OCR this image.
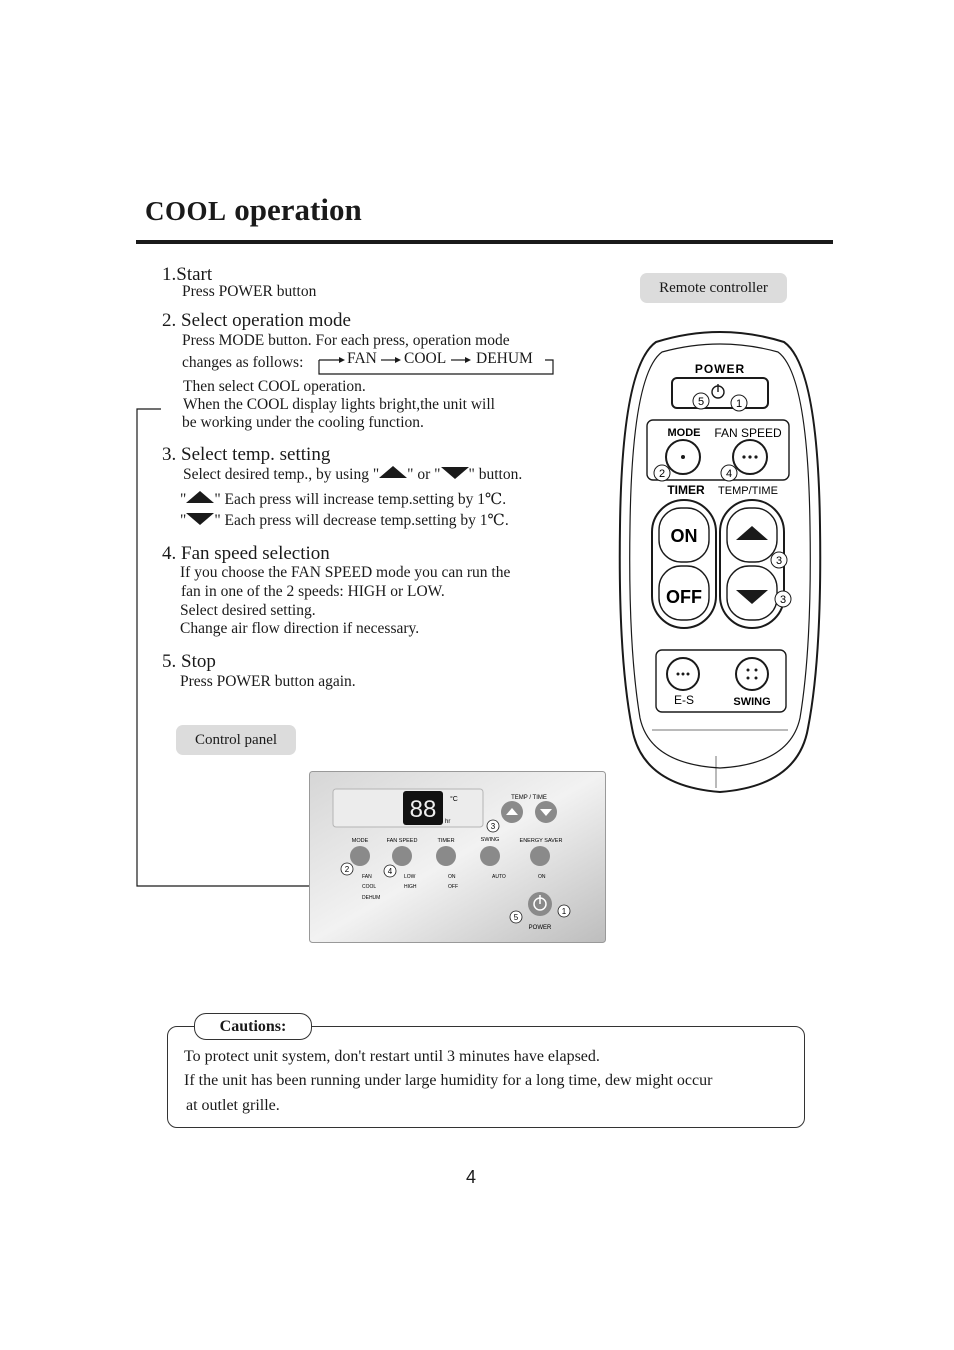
COOL operation
1.Start
Press POWER button
2. Select operation mode
Press MODE button. For each press, operation mode
changes as follows:	FAN COOL DEHUM
Then select COOL operation.
When the COOL display lights bright,the unit will
be working under the cooling function.
3. Select temp. setting
Select desired temp., by using " " or " " button.
" " Each press will increase temp.setting by 1℃.
" " Each press will decrease temp.setting by 1℃.
4. Fan speed selection
If you choose the FAN SPEED mode you can run the
fan in one of the 2 speeds: HIGH or LOW.
Select desired setting.
Change air flow direction if necessary.
5. Stop
Press POWER button again.
Remote controller
Control panel
POWER
MODE FAN SPEED
TIMER TEMP/TIME
ON
OFF
E-S	SWING
5	1
2	4
3
3
88 °C
hr
TEMP / TIME
MODE	FAN SPEED	TIMER	SWING	ENERGY SAVER
FAN
COOL
DEHUM
LOW
HIGH
ON
OFF
AUTO	ON
POWER
3
2	4
5
1
Cautions:
To protect unit system, don't restart until 3 minutes have elapsed.
If the unit has been running under large humidity for a long time, dew might occur
at outlet grille.
4
